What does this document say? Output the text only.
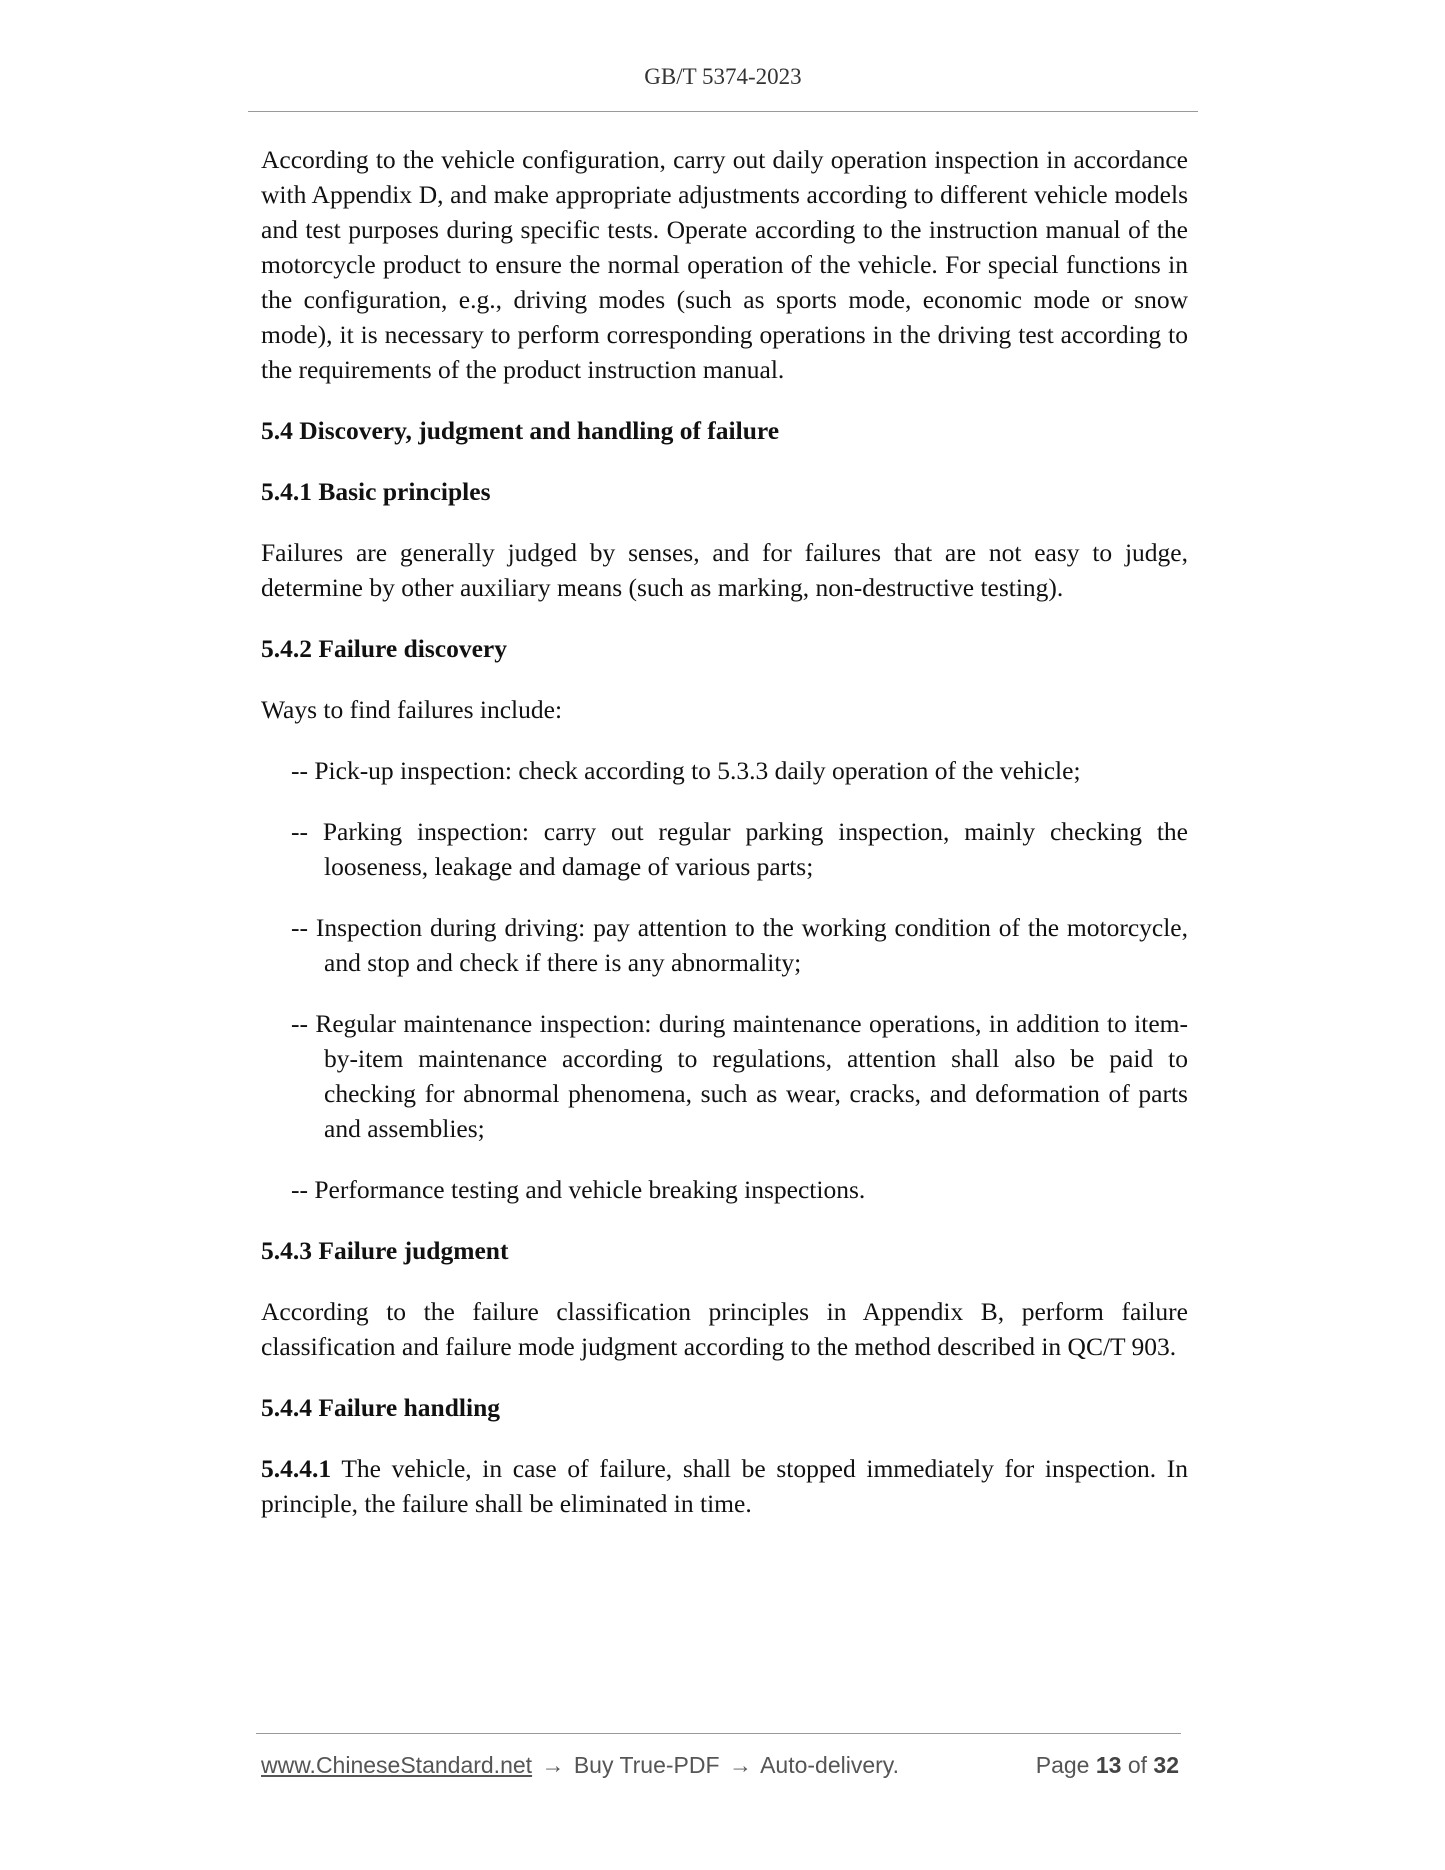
GB/T 5374-2023

According to the vehicle configuration, carry out daily operation inspection in accordance with Appendix D, and make appropriate adjustments according to different vehicle models and test purposes during specific tests. Operate according to the instruction manual of the motorcycle product to ensure the normal operation of the vehicle. For special functions in the configuration, e.g., driving modes (such as sports mode, economic mode or snow mode), it is necessary to perform corresponding operations in the driving test according to the requirements of the product instruction manual.

5.4 Discovery, judgment and handling of failure
5.4.1 Basic principles

Failures are generally judged by senses, and for failures that are not easy to judge, determine by other auxiliary means (such as marking, non-destructive testing).

5.4.2 Failure discovery

Ways to find failures include:

-- Pick-up inspection: check according to 5.3.3 daily operation of the vehicle;
-- Parking inspection: carry out regular parking inspection, mainly checking the looseness, leakage and damage of various parts;
-- Inspection during driving: pay attention to the working condition of the motorcycle, and stop and check if there is any abnormality;
-- Regular maintenance inspection: during maintenance operations, in addition to item-by-item maintenance according to regulations, attention shall also be paid to checking for abnormal phenomena, such as wear, cracks, and deformation of parts and assemblies;
-- Performance testing and vehicle breaking inspections.
5.4.3 Failure judgment

According to the failure classification principles in Appendix B, perform failure classification and failure mode judgment according to the method described in QC/T 903.

5.4.4 Failure handling

5.4.4.1 The vehicle, in case of failure, shall be stopped immediately for inspection. In principle, the failure shall be eliminated in time.

www.ChineseStandard.net → Buy True-PDF → Auto-delivery.	Page 13 of 32
